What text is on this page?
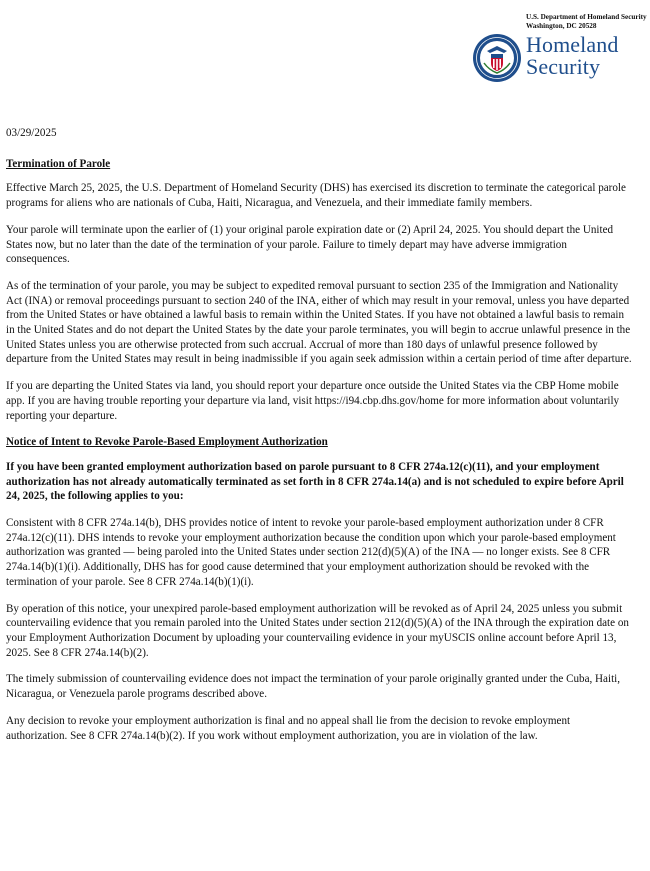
U.S. Department of Homeland Security
Washington, DC 20528
Homeland
Security

03/29/2025

Termination of Parole

Effective March 25, 2025, the U.S. Department of Homeland Security (DHS) has exercised its discretion to terminate the categorical parole programs for aliens who are nationals of Cuba, Haiti, Nicaragua, and Venezuela, and their immediate family members.

Your parole will terminate upon the earlier of (1) your original parole expiration date or (2) April 24, 2025. You should depart the United States now, but no later than the date of the termination of your parole. Failure to timely depart may have adverse immigration consequences.

As of the termination of your parole, you may be subject to expedited removal pursuant to section 235 of the Immigration and Nationality Act (INA) or removal proceedings pursuant to section 240 of the INA, either of which may result in your removal, unless you have departed from the United States or have obtained a lawful basis to remain within the United States. If you have not obtained a lawful basis to remain in the United States and do not depart the United States by the date your parole terminates, you will begin to accrue unlawful presence in the United States unless you are otherwise protected from such accrual. Accrual of more than 180 days of unlawful presence followed by departure from the United States may result in being inadmissible if you again seek admission within a certain period of time after departure.

If you are departing the United States via land, you should report your departure once outside the United States via the CBP Home mobile app. If you are having trouble reporting your departure via land, visit https://i94.cbp.dhs.gov/home for more information about voluntarily reporting your departure.

Notice of Intent to Revoke Parole-Based Employment Authorization

If you have been granted employment authorization based on parole pursuant to 8 CFR 274a.12(c)(11), and your employment authorization has not already automatically terminated as set forth in 8 CFR 274a.14(a) and is not scheduled to expire before April 24, 2025, the following applies to you:

Consistent with 8 CFR 274a.14(b), DHS provides notice of intent to revoke your parole-based employment authorization under 8 CFR 274a.12(c)(11). DHS intends to revoke your employment authorization because the condition upon which your parole-based employment authorization was granted — being paroled into the United States under section 212(d)(5)(A) of the INA — no longer exists. See 8 CFR 274a.14(b)(1)(i). Additionally, DHS has for good cause determined that your employment authorization should be revoked with the termination of your parole. See 8 CFR 274a.14(b)(1)(i).

By operation of this notice, your unexpired parole-based employment authorization will be revoked as of April 24, 2025 unless you submit countervailing evidence that you remain paroled into the United States under section 212(d)(5)(A) of the INA through the expiration date on your Employment Authorization Document by uploading your countervailing evidence in your myUSCIS online account before April 13, 2025. See 8 CFR 274a.14(b)(2).

The timely submission of countervailing evidence does not impact the termination of your parole originally granted under the Cuba, Haiti, Nicaragua, or Venezuela parole programs described above.

Any decision to revoke your employment authorization is final and no appeal shall lie from the decision to revoke employment authorization. See 8 CFR 274a.14(b)(2). If you work without employment authorization, you are in violation of the law.
